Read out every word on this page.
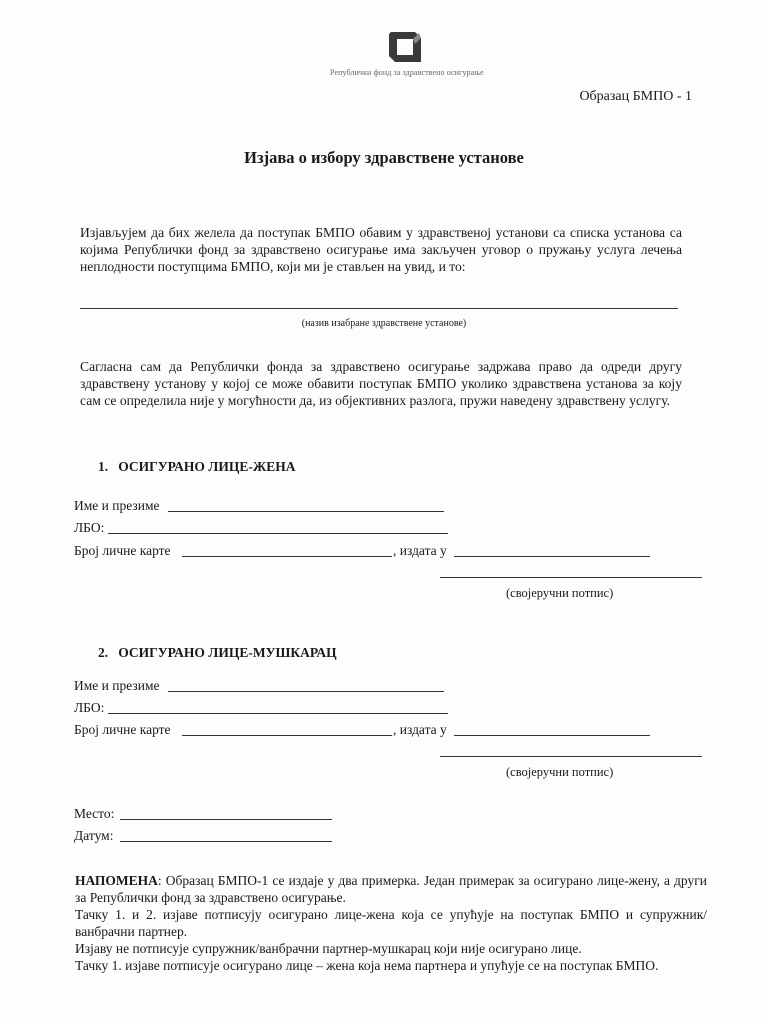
Републички фонд за здравствено осигурање
Образац БМПО - 1
Изјава о избору здравствене установе
Изјављујем да бих желела да поступак БМПО обавим у здравственој установи са списка установа са којима Републички фонд за здравствено осигурање има закључен уговор о пружању услуга лечења неплодности поступцима БМПО, који ми је стављен на увид, и то:
(назив изабране здравствене установе)
Сагласна сам да Републички фонда за здравствено осигурање задржава право да одреди другу здравствену установу у којој се може обавити поступак БМПО уколико здравствена установа за коју сам се определила није у могућности да, из објективних разлога, пружи наведену здравствену услугу.
1.   ОСИГУРАНО ЛИЦЕ-ЖЕНА
Име и презиме
ЛБО:
Број личне карте	, издата у
(својеручни потпис)
2.   ОСИГУРАНО ЛИЦЕ-МУШКАРАЦ
Име и презиме
ЛБО:
Број личне карте	, издата у
(својеручни потпис)
Место:
Датум:

НАПОМЕНА: Образац БМПО-1 се издаје у два примерка. Један примерак за осигурано лице-жену, а други за Републички фонд за здравствено осигурање.

Тачку 1. и 2. изјаве потписују осигурано лице-жена која се упућује на поступак БМПО и супружник/ванбрачни партнер.

Изјаву не потписује супружник/ванбрачни партнер-мушкарац који није осигурано лице.

Тачку 1. изјаве потписује осигурано лице – жена која нема партнера и упућује се на поступак БМПО.
